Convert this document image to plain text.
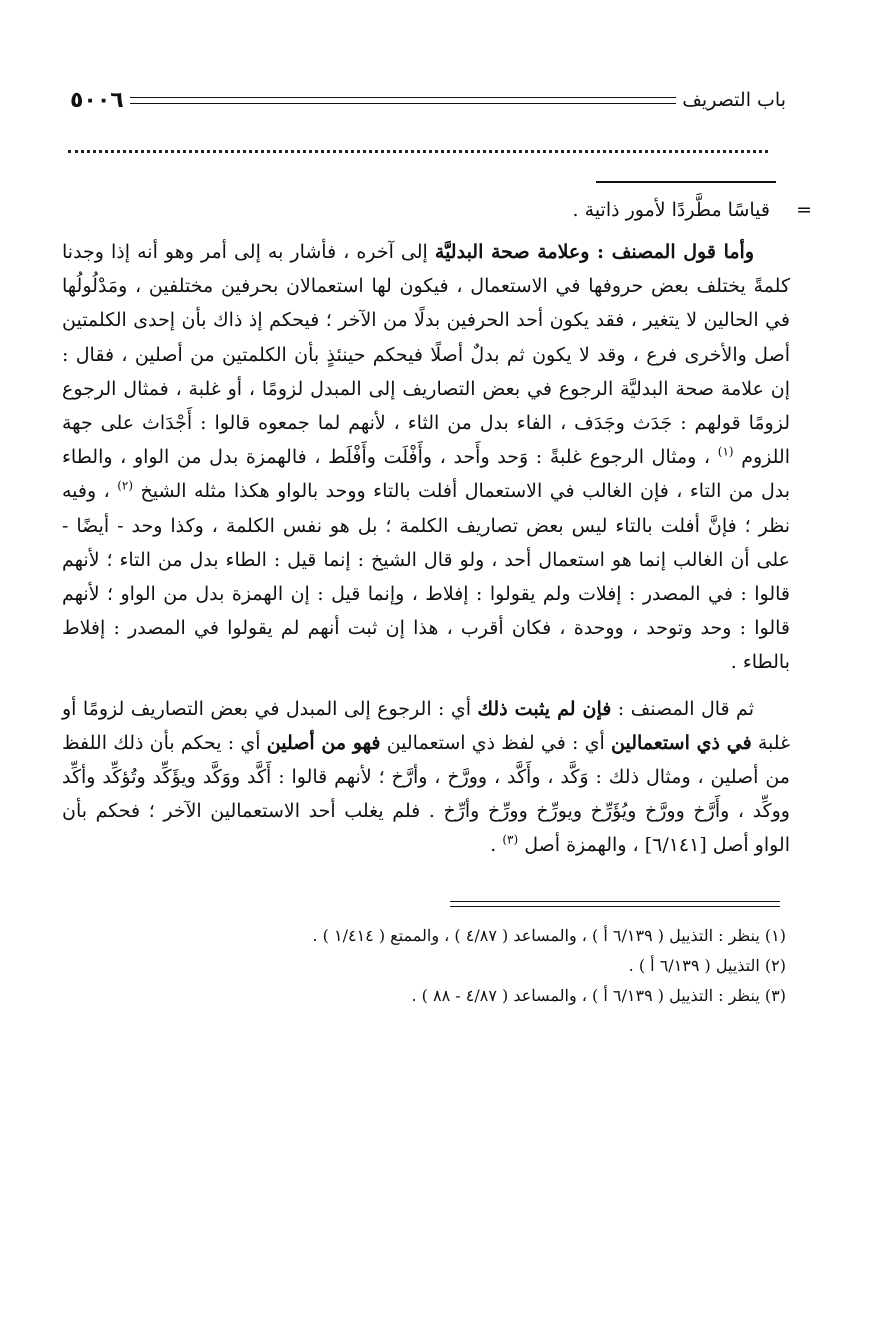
باب التصريف
٥٠٠٦
=
قياسًا مطَّردًا لأمور ذاتية .

وأما قول المصنف : وعلامة صحة البدليَّة إلى آخره ، فأشار به إلى أمر وهو أنه إذا وجدنا كلمةً يختلف بعض حروفها في الاستعمال ، فيكون لها استعمالان بحرفين مختلفين ، ومَدْلُولُها في الحالين لا يتغير ، فقد يكون أحد الحرفين بدلًا من الآخر ؛ فيحكم إذ ذاك بأن إحدى الكلمتين أصل والأخرى فرع ، وقد لا يكون ثم بدلٌ أصلًا فيحكم حينئذٍ بأن الكلمتين من أصلين ، فقال : إن علامة صحة البدليَّة الرجوع في بعض التصاريف إلى المبدل لزومًا ، أو غلبة ، فمثال الرجوع لزومًا قولهم : جَدَث وجَدَف ، الفاء بدل من الثاء ، لأنهم لما جمعوه قالوا : أَجْدَاث على جهة اللزوم $^{(١)}$ ، ومثال الرجوع غلبةً : وَحد وأَحد ، وأَفْلَت وأَفْلَط ، فالهمزة بدل من الواو ، والطاء بدل من التاء ، فإن الغالب في الاستعمال أفلت بالتاء ووحد بالواو هكذا مثله الشيخ $^{(٢)}$ ، وفيه نظر ؛ فإنَّ أفلت بالتاء ليس بعض تصاريف الكلمة ؛ بل هو نفس الكلمة ، وكذا وحد - أيضًا - على أن الغالب إنما هو استعمال أحد ، ولو قال الشيخ : إنما قيل : الطاء بدل من التاء ؛ لأنهم قالوا : في المصدر : إفلات ولم يقولوا : إفلاط ، وإنما قيل : إن الهمزة بدل من الواو ؛ لأنهم قالوا : وحد وتوحد ، ووحدة ، فكان أقرب ، هذا إن ثبت أنهم لم يقولوا في المصدر : إفلاط بالطاء .

ثم قال المصنف : فإن لم يثبت ذلك أي : الرجوع إلى المبدل في بعض التصاريف لزومًا أو غلبة في ذي استعمالين أي : في لفظ ذي استعمالين فهو من أصلين أي : يحكم بأن ذلك اللفظ من أصلين ، ومثال ذلك : وَكَّد ، وأَكَّد ، وورَّخ ، وأرَّخ ؛ لأنهم قالوا : أَكَّد ووَكَّد ويؤَكِّد وتُؤكِّد وأكِّد ووكِّد ، وأَرَّخ وورَّخ ويُؤَرِّخ ويورِّخ وورِّخ وأرِّخ . فلم يغلب أحد الاستعمالين الآخر ؛ فحكم بأن الواو أصل [٦/١٤١] ، والهمزة أصل $^{(٣)}$ .

(١) ينظر : التذييل ( ٦/١٣٩ أ ) ، والمساعد ( ٤/٨٧ ) ، والممتع ( ١/٤١٤ ) .
(٢) التذييل ( ٦/١٣٩ أ ) .
(٣) ينظر : التذييل ( ٦/١٣٩ أ ) ، والمساعد ( ٤/٨٧ - ٨٨ ) .
